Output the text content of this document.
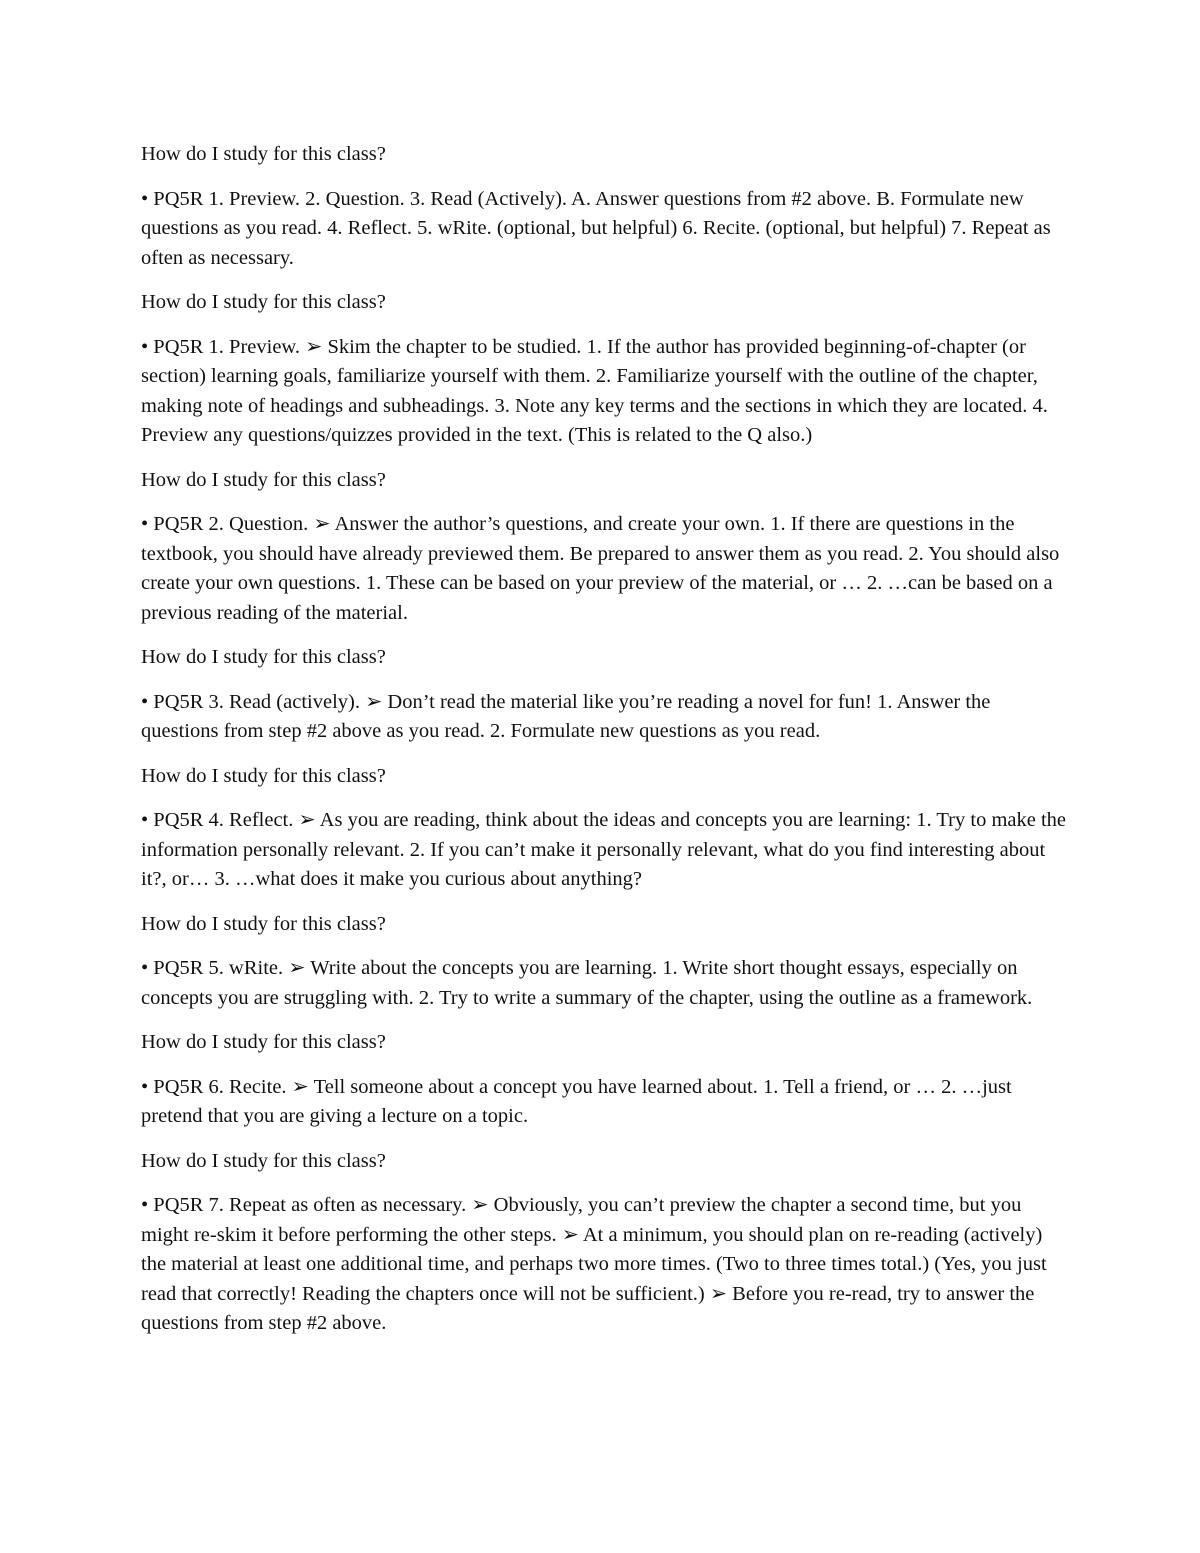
How do I study for this class?

• PQ5R 1. Preview. 2. Question. 3. Read (Actively). A. Answer questions from #2 above. B. Formulate new questions as you read. 4. Reflect. 5. wRite. (optional, but helpful) 6. Recite. (optional, but helpful) 7. Repeat as often as necessary.

How do I study for this class?

• PQ5R 1. Preview. ➢ Skim the chapter to be studied. 1. If the author has provided beginning-of-chapter (or section) learning goals, familiarize yourself with them. 2. Familiarize yourself with the outline of the chapter, making note of headings and subheadings. 3. Note any key terms and the sections in which they are located. 4. Preview any questions/quizzes provided in the text. (This is related to the Q also.)

How do I study for this class?

• PQ5R 2. Question. ➢ Answer the author’s questions, and create your own. 1. If there are questions in the textbook, you should have already previewed them. Be prepared to answer them as you read. 2. You should also create your own questions. 1. These can be based on your preview of the material, or … 2. …can be based on a previous reading of the material.

How do I study for this class?

• PQ5R 3. Read (actively). ➢ Don’t read the material like you’re reading a novel for fun! 1. Answer the questions from step #2 above as you read. 2. Formulate new questions as you read.

How do I study for this class?

• PQ5R 4. Reflect. ➢ As you are reading, think about the ideas and concepts you are learning: 1. Try to make the information personally relevant. 2. If you can’t make it personally relevant, what do you find interesting about it?, or… 3. …what does it make you curious about anything?

How do I study for this class?

• PQ5R 5. wRite. ➢ Write about the concepts you are learning. 1. Write short thought essays, especially on concepts you are struggling with. 2. Try to write a summary of the chapter, using the outline as a framework.

How do I study for this class?

• PQ5R 6. Recite. ➢ Tell someone about a concept you have learned about. 1. Tell a friend, or … 2. …just pretend that you are giving a lecture on a topic.

How do I study for this class?

• PQ5R 7. Repeat as often as necessary. ➢ Obviously, you can’t preview the chapter a second time, but you might re-skim it before performing the other steps. ➢ At a minimum, you should plan on re-reading (actively) the material at least one additional time, and perhaps two more times. (Two to three times total.) (Yes, you just read that correctly! Reading the chapters once will not be sufficient.) ➢ Before you re-read, try to answer the questions from step #2 above.
